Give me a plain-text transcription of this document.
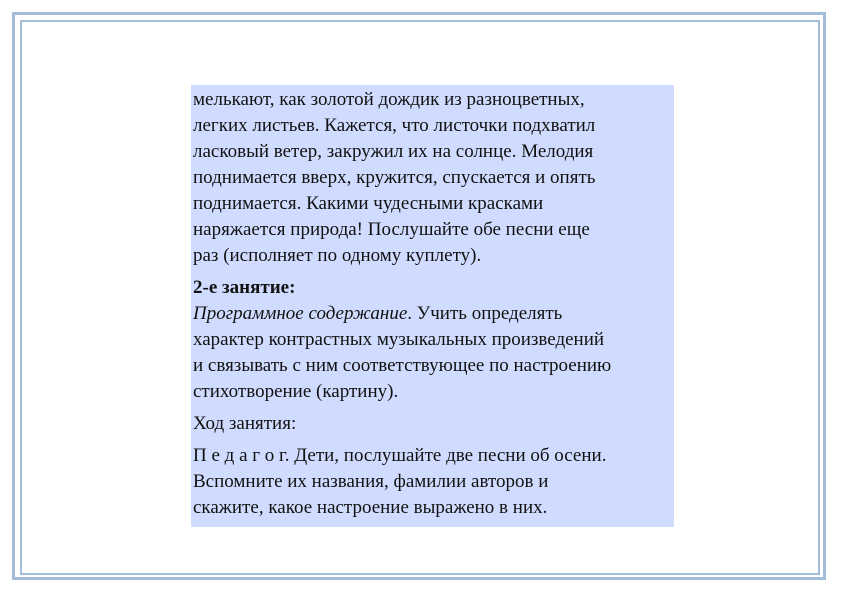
мелькают, как золотой дождик из разноцветных,
легких листьев. Кажется, что листочки подхватил
ласковый ветер, закружил их на солнце. Мелодия
поднимается вверх, кружится, спускается и опять
поднимается. Какими чудесными красками
наряжается природа! Послушайте обе песни еще
раз (исполняет по одному куплету).

2-е занятие:

Программное содержание. Учить определять
характер контрастных музыкальных произведений
и связывать с ним соответствующее по настроению
стихотворение (картину).

Ход занятия:

П е д а г о г. Дети, послушайте две песни об осени.
Вспомните их названия, фамилии авторов и
скажите, какое настроение выражено в них.
